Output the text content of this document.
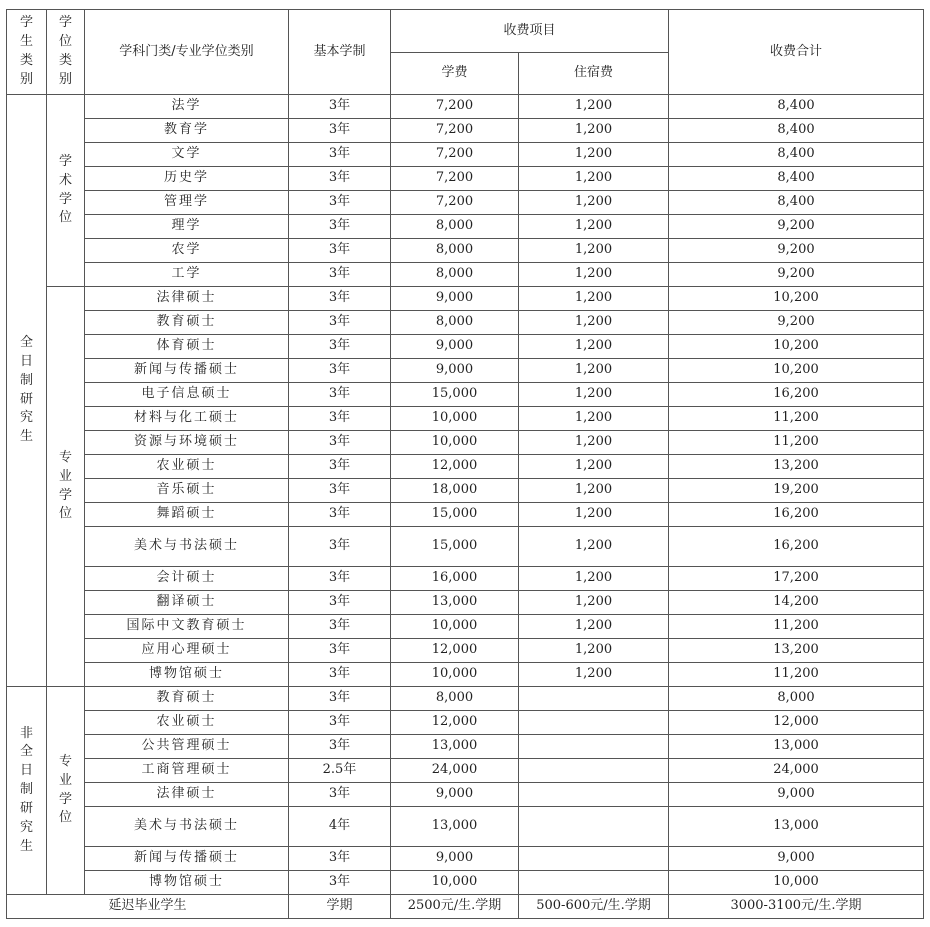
学生类别	学位类别	学科门类/专业学位类别	基本学制	收费项目		收费合计
				学费	住宿费	
全日制研究生	学术学位	法学	3年	7,200	1,200	8,400
		教育学	3年	7,200	1,200	8,400
		文学	3年	7,200	1,200	8,400
		历史学	3年	7,200	1,200	8,400
		管理学	3年	7,200	1,200	8,400
		理学	3年	8,000	1,200	9,200
		农学	3年	8,000	1,200	9,200
		工学	3年	8,000	1,200	9,200
	专业学位	法律硕士	3年	9,000	1,200	10,200
		教育硕士	3年	8,000	1,200	9,200
		体育硕士	3年	9,000	1,200	10,200
		新闻与传播硕士	3年	9,000	1,200	10,200
		电子信息硕士	3年	15,000	1,200	16,200
		材料与化工硕士	3年	10,000	1,200	11,200
		资源与环境硕士	3年	10,000	1,200	11,200
		农业硕士	3年	12,000	1,200	13,200
		音乐硕士	3年	18,000	1,200	19,200
		舞蹈硕士	3年	15,000	1,200	16,200
		美术与书法硕士	3年	15,000	1,200	16,200
		会计硕士	3年	16,000	1,200	17,200
		翻译硕士	3年	13,000	1,200	14,200
		国际中文教育硕士	3年	10,000	1,200	11,200
		应用心理硕士	3年	12,000	1,200	13,200
		博物馆硕士	3年	10,000	1,200	11,200
非全日制研究生	专业学位	教育硕士	3年	8,000		8,000
		农业硕士	3年	12,000		12,000
		公共管理硕士	3年	13,000		13,000
		工商管理硕士	2.5年	24,000		24,000
		法律硕士	3年	9,000		9,000
		美术与书法硕士	4年	13,000		13,000
		新闻与传播硕士	3年	9,000		9,000
		博物馆硕士	3年	10,000		10,000
延迟毕业学生			学期	2500元/生.学期	500-600元/生.学期	3000-3100元/生.学期
